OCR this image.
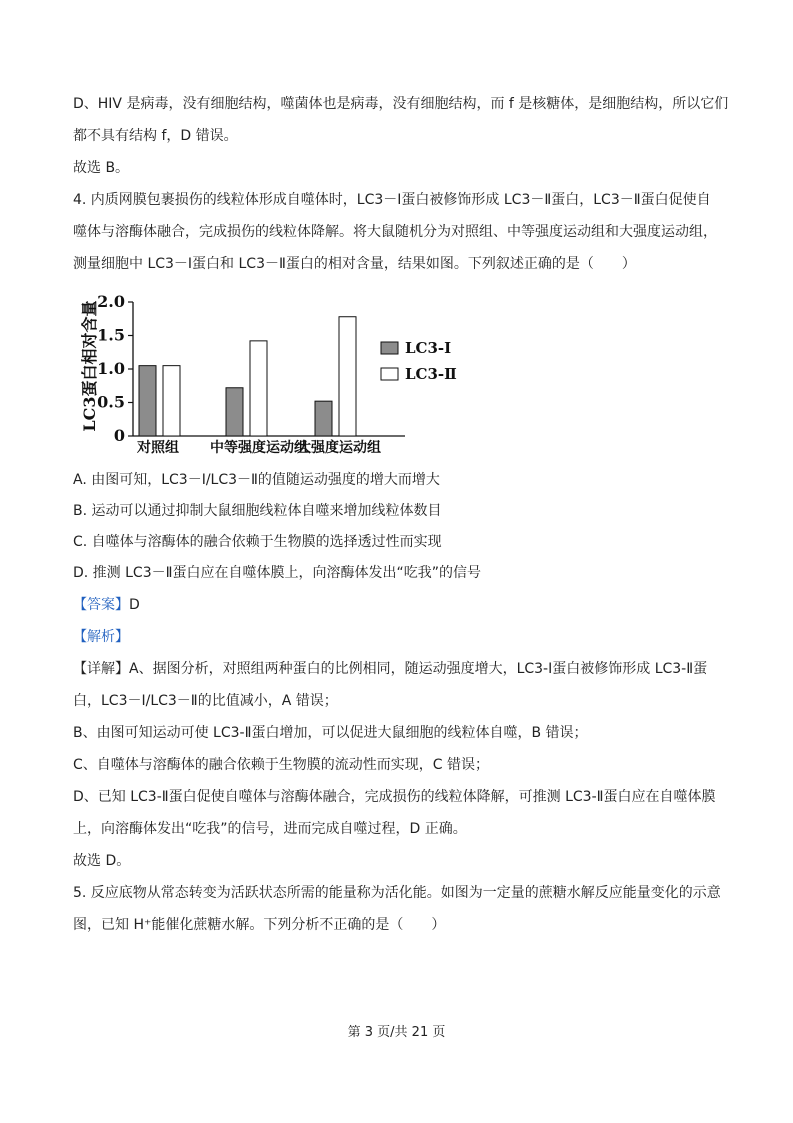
D、HIV 是病毒，没有细胞结构，噬菌体也是病毒，没有细胞结构，而 f 是核糖体，是细胞结构，所以它们
都不具有结构 f，D 错误。
故选 B。
4. 内质网膜包裹损伤的线粒体形成自噬体时，LC3－Ⅰ蛋白被修饰形成 LC3－Ⅱ蛋白，LC3－Ⅱ蛋白促使自
噬体与溶酶体融合，完成损伤的线粒体降解。将大鼠随机分为对照组、中等强度运动组和大强度运动组，
测量细胞中 LC3－Ⅰ蛋白和 LC3－Ⅱ蛋白的相对含量，结果如图。下列叙述正确的是（　　）
LC3蛋白相对含量
0
0.5
1.0
1.5
2.0
对照组 中等强度运动组
大强度运动组
LC3-Ⅰ
LC3-Ⅱ
A. 由图可知，LC3－Ⅰ/LC3－Ⅱ的值随运动强度的增大而增大
B. 运动可以通过抑制大鼠细胞线粒体自噬来增加线粒体数目
C. 自噬体与溶酶体的融合依赖于生物膜的选择透过性而实现
D. 推测 LC3－Ⅱ蛋白应在自噬体膜上，向溶酶体发出“吃我”的信号
【答案】D
【解析】
【详解】A、据图分析，对照组两种蛋白的比例相同，随运动强度增大，LC3-Ⅰ蛋白被修饰形成 LC3-Ⅱ蛋
白，LC3－Ⅰ/LC3－Ⅱ的比值减小，A 错误；
B、由图可知运动可使 LC3-Ⅱ蛋白增加，可以促进大鼠细胞的线粒体自噬，B 错误；
C、自噬体与溶酶体的融合依赖于生物膜的流动性而实现，C 错误；
D、已知 LC3-Ⅱ蛋白促使自噬体与溶酶体融合，完成损伤的线粒体降解，可推测 LC3-Ⅱ蛋白应在自噬体膜
上，向溶酶体发出“吃我”的信号，进而完成自噬过程，D 正确。
故选 D。
5. 反应底物从常态转变为活跃状态所需的能量称为活化能。如图为一定量的蔗糖水解反应能量变化的示意
图，已知 H⁺能催化蔗糖水解。下列分析不正确的是（　　）
第 3 页/共 21 页
